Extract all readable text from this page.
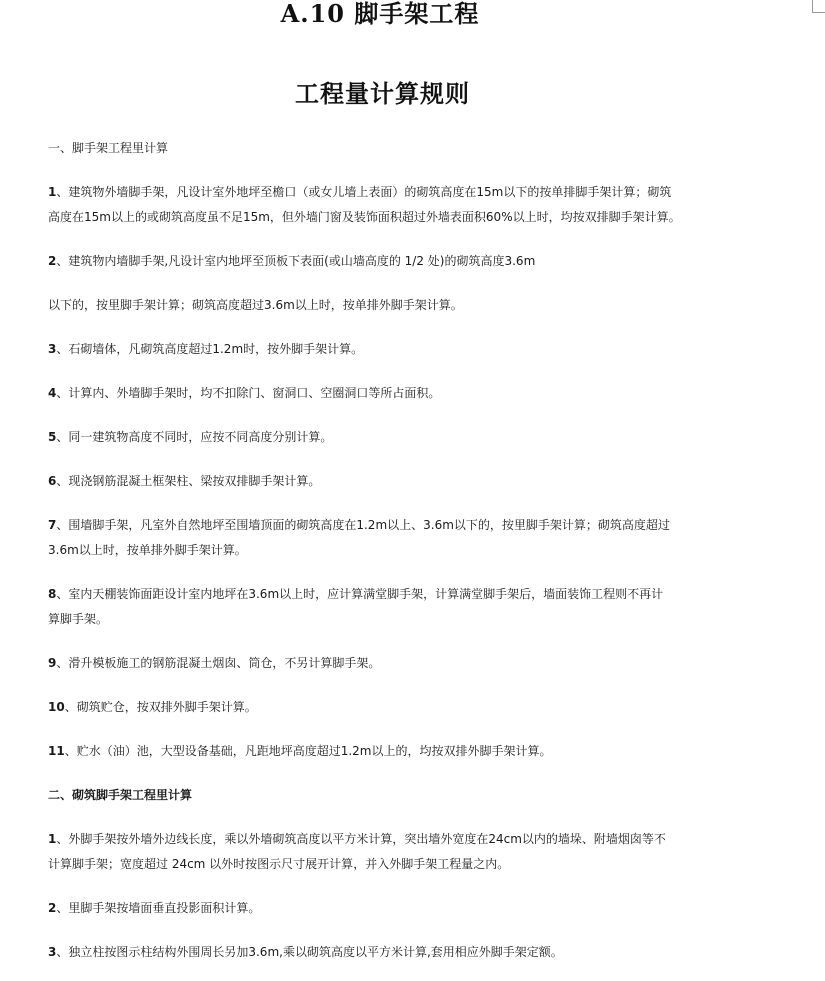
A.10 脚手架工程
工程量计算规则

一、脚手架工程里计算

1、建筑物外墙脚手架，凡设计室外地坪至檐口（或女儿墙上表面）的砌筑高度在15m以下的按单排脚手架计算；砌筑

高度在15m以上的或砌筑高度虽不足15m，但外墙门窗及装饰面积超过外墙表面积60%以上时，均按双排脚手架计算。

2、建筑物内墙脚手架,凡设计室内地坪至顶板下表面(或山墙高度的 1/2 处)的砌筑高度3.6m

以下的，按里脚手架计算；砌筑高度超过3.6m以上时，按单排外脚手架计算。

3、石砌墙体，凡砌筑高度超过1.2m时，按外脚手架计算。

4、计算内、外墙脚手架时，均不扣除门、窗洞口、空圈洞口等所占面积。

5、同一建筑物高度不同时，应按不同高度分别计算。

6、现浇钢筋混凝土框架柱、梁按双排脚手架计算。

7、围墙脚手架，凡室外自然地坪至围墙顶面的砌筑高度在1.2m以上、3.6m以下的，按里脚手架计算；砌筑高度超过

3.6m以上时，按单排外脚手架计算。

8、室内天棚装饰面距设计室内地坪在3.6m以上时，应计算满堂脚手架，计算满堂脚手架后，墙面装饰工程则不再计

算脚手架。

9、滑升模板施工的钢筋混凝土烟囱、筒仓，不另计算脚手架。

10、砌筑贮仓，按双排外脚手架计算。

11、贮水（油）池，大型设备基础，凡距地坪高度超过1.2m以上的，均按双排外脚手架计算。

二、砌筑脚手架工程里计算

1、外脚手架按外墙外边线长度，乘以外墙砌筑高度以平方米计算，突出墙外宽度在24cm以内的墙垛、附墙烟囱等不

计算脚手架；宽度超过 24cm 以外时按图示尺寸展开计算，并入外脚手架工程量之内。

2、里脚手架按墙面垂直投影面积计算。

3、独立柱按图示柱结构外围周长另加3.6m,乘以砌筑高度以平方米计算,套用相应外脚手架定额。
